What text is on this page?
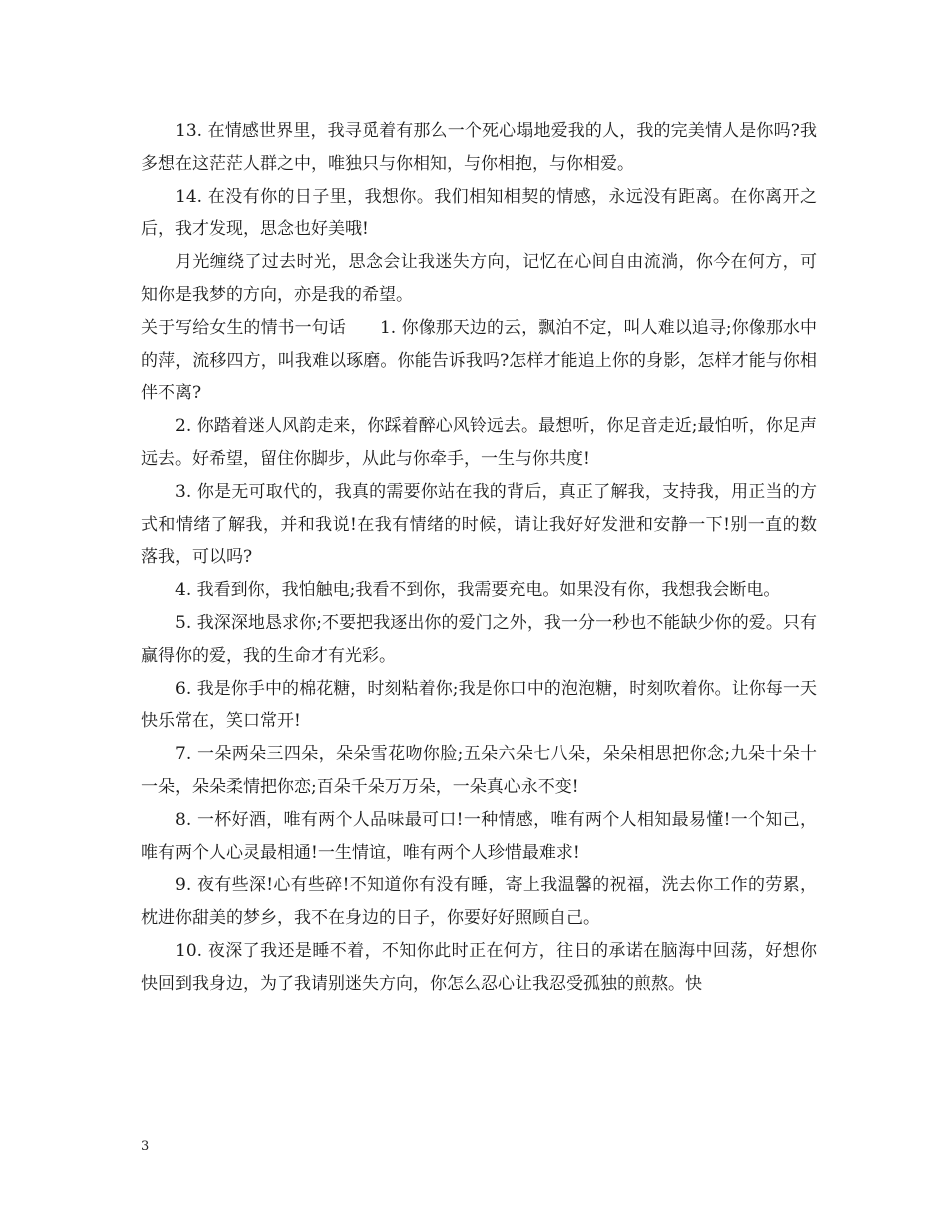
13. 在情感世界里，我寻觅着有那么一个死心塌地爱我的人，我的完美情人是你吗?我多想在这茫茫人群之中，唯独只与你相知，与你相抱，与你相爱。

14. 在没有你的日子里，我想你。我们相知相契的情感，永远没有距离。在你离开之后，我才发现，思念也好美哦!

月光缠绕了过去时光，思念会让我迷失方向，记忆在心间自由流淌，你今在何方，可知你是我梦的方向，亦是我的希望。

关于写给女生的情书一句话　　1. 你像那天边的云，飘泊不定，叫人难以追寻;你像那水中的萍，流移四方，叫我难以琢磨。你能告诉我吗?怎样才能追上你的身影，怎样才能与你相伴不离?

2. 你踏着迷人风韵走来，你踩着醉心风铃远去。最想听，你足音走近;最怕听，你足声远去。好希望，留住你脚步，从此与你牵手，一生与你共度!

3. 你是无可取代的，我真的需要你站在我的背后，真正了解我，支持我，用正当的方式和情绪了解我，并和我说!在我有情绪的时候，请让我好好发泄和安静一下!别一直的数落我，可以吗?

4. 我看到你，我怕触电;我看不到你，我需要充电。如果没有你，我想我会断电。

5. 我深深地恳求你;不要把我逐出你的爱门之外，我一分一秒也不能缺少你的爱。只有赢得你的爱，我的生命才有光彩。

6. 我是你手中的棉花糖，时刻粘着你;我是你口中的泡泡糖，时刻吹着你。让你每一天快乐常在，笑口常开!

7. 一朵两朵三四朵，朵朵雪花吻你脸;五朵六朵七八朵，朵朵相思把你念;九朵十朵十一朵，朵朵柔情把你恋;百朵千朵万万朵，一朵真心永不变!

8. 一杯好酒，唯有两个人品味最可口!一种情感，唯有两个人相知最易懂!一个知己，唯有两个人心灵最相通!一生情谊，唯有两个人珍惜最难求!

9. 夜有些深!心有些碎!不知道你有没有睡，寄上我温馨的祝福，洗去你工作的劳累，枕进你甜美的梦乡，我不在身边的日子，你要好好照顾自己。

10. 夜深了我还是睡不着，不知你此时正在何方，往日的承诺在脑海中回荡，好想你快回到我身边，为了我请别迷失方向，你怎么忍心让我忍受孤独的煎熬。快

3
